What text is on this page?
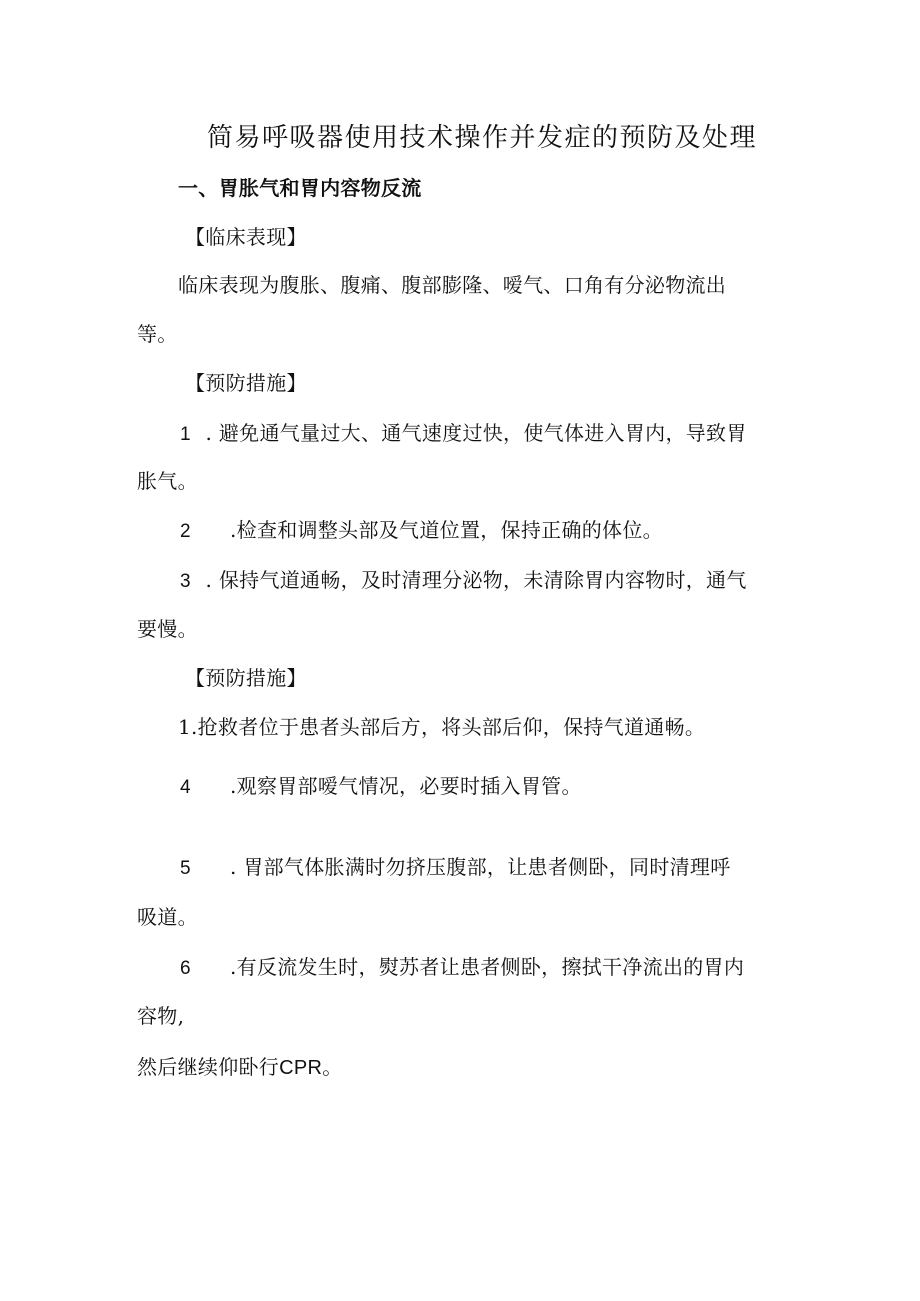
简易呼吸器使用技术操作并发症的预防及处理
一、胃胀气和胃内容物反流
【临床表现】
临床表现为腹胀、腹痛、腹部膨隆、嗳气、口角有分泌物流出
等。
【预防措施】
1 . 避免通气量过大、通气速度过快，使气体进入胃内，导致胃
胀气。
2 .检查和调整头部及气道位置，保持正确的体位。
3 . 保持气道通畅，及时清理分泌物，未清除胃内容物时，通气
要慢。
【预防措施】
1.抢救者位于患者头部后方，将头部后仰，保持气道通畅。
4 .观察胃部嗳气情况，必要时插入胃管。
5 . 胃部气体胀满时勿挤压腹部，让患者侧卧，同时清理呼
吸道。
6 .有反流发生时，熨苏者让患者侧卧，擦拭干净流出的胃内
容物,
然后继续仰卧行CPR。
